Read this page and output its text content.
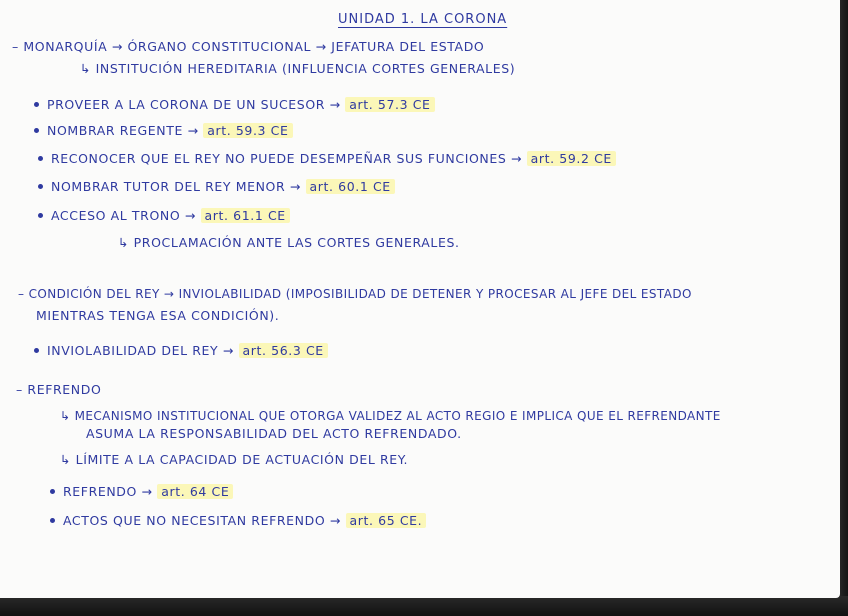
UNIDAD 1. LA CORONA
– MONARQUÍA → ÓRGANO CONSTITUCIONAL → JEFATURA DEL ESTADO
↳ INSTITUCIÓN HEREDITARIA (INFLUENCIA CORTES GENERALES)
PROVEER A LA CORONA DE UN SUCESOR → art. 57.3 CE
NOMBRAR REGENTE → art. 59.3 CE
RECONOCER QUE EL REY NO PUEDE DESEMPEÑAR SUS FUNCIONES → art. 59.2 CE
NOMBRAR TUTOR DEL REY MENOR → art. 60.1 CE
ACCESO AL TRONO → art. 61.1 CE
↳ PROCLAMACIÓN ANTE LAS CORTES GENERALES.
– CONDICIÓN DEL REY → INVIOLABILIDAD (IMPOSIBILIDAD DE DETENER Y PROCESAR AL JEFE DEL ESTADO
MIENTRAS TENGA ESA CONDICIÓN).
INVIOLABILIDAD DEL REY → art. 56.3 CE
– REFRENDO
↳ MECANISMO INSTITUCIONAL QUE OTORGA VALIDEZ AL ACTO REGIO E IMPLICA QUE EL REFRENDANTE
ASUMA LA RESPONSABILIDAD DEL ACTO REFRENDADO.
↳ LÍMITE A LA CAPACIDAD DE ACTUACIÓN DEL REY.
REFRENDO → art. 64 CE
ACTOS QUE NO NECESITAN REFRENDO → art. 65 CE.
